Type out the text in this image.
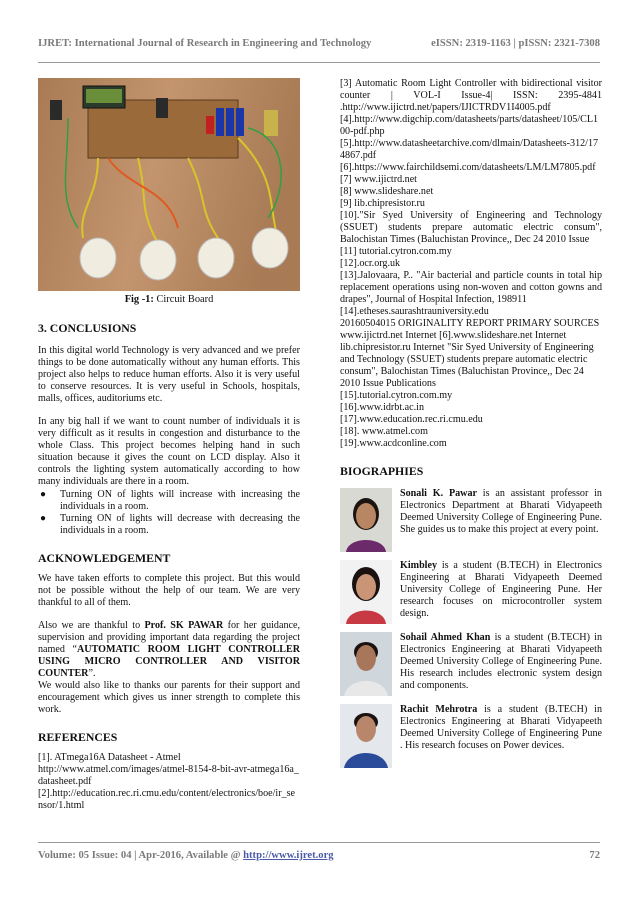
IJRET: International Journal of Research in Engineering and Technology	eISSN: 2319-1163 | pISSN: 2321-7308
Fig -1: Circuit Board
3. CONCLUSIONS

In this digital world Technology is very advanced and we prefer things to be done automatically without any human efforts. This project also helps to reduce human efforts. Also it is very useful to conserve resources. It is very useful in Schools, hospitals, malls, offices, auditoriums etc.

In any big hall if we want to count number of individuals it is very difficult as it results in congestion and disturbance to the whole Class. This project becomes helping hand in such situation because it gives the count on LCD display. Also it controls the lighting system automatically according to how many individuals are there in a room.

● Turning ON of lights will increase with increasing the individuals in a room.
● Turning ON of lights will decrease with decreasing the individuals in a room.
ACKNOWLEDGEMENT

We have taken efforts to complete this project. But this would not be possible without the help of our team. We are very thankful to all of them.

Also we are thankful to Prof. SK PAWAR for her guidance, supervision and providing important data regarding the project named “AUTOMATIC ROOM LIGHT CONTROLLER USING MICRO CONTROLLER AND VISITOR COUNTER”.

We would also like to thanks our parents for their support and encouragement which gives us inner strength to complete this work.

REFERENCES
[1]. ATmega16A Datasheet - Atmel
http://www.atmel.com/images/atmel-8154-8-bit-avr-atmega16a_datasheet.pdf
[2].http://education.rec.ri.cmu.edu/content/electronics/boe/ir_sensor/1.html
[3] Automatic Room Light Controller with bidirectional visitor counter | VOL-I Issue-4| ISSN: 2395-4841 .http://www.ijictrd.net/papers/IJICTRDV1I4005.pdf
[4].http://www.digchip.com/datasheets/parts/datasheet/105/CL100-pdf.php
[5].http://www.datasheetarchive.com/dlmain/Datasheets-312/174867.pdf
[6].https://www.fairchildsemi.com/datasheets/LM/LM7805.pdf
[7] www.ijictrd.net
[8] www.slideshare.net
[9] lib.chipresistor.ru
[10]."Sir Syed University of Engineering and Technology (SSUET) students prepare automatic electric consum", Balochistan Times (Baluchistan Province,, Dec 24 2010 Issue
[11] tutorial.cytron.com.my
[12].ocr.org.uk
[13].Jalovaara, P.. "Air bacterial and particle counts in total hip replacement operations using non-woven and cotton gowns and drapes", Journal of Hospital Infection, 198911
[14].etheses.saurashtrauniversity.edu
20160504015 ORIGINALITY REPORT PRIMARY SOURCES www.ijictrd.net Internet [6].www.slideshare.net Internet lib.chipresistor.ru Internet "Sir Syed University of Engineering and Technology (SSUET) students prepare automatic electric consum", Balochistan Times (Baluchistan Province,, Dec 24 2010 Issue Publications
[15].tutorial.cytron.com.my
[16].www.idrbt.ac.in
[17].www.education.rec.ri.cmu.edu
[18]. www.atmel.com
[19].www.acdconline.com
BIOGRAPHIES
Sonali K. Pawar is an assistant professor in Electronics Department at Bharati Vidyapeeth Deemed University College of Engineering Pune. She guides us to make this project at every point.
Kimbley is a student (B.TECH) in Electronics Engineering at Bharati Vidyapeeth Deemed University College of Engineering Pune. Her research focuses on microcontroller system design.
Sohail Ahmed Khan is a student (B.TECH) in Electronics Engineering at Bharati Vidyapeeth Deemed University College of Engineering Pune. His research includes electronic system design and components.
Rachit Mehrotra is a student (B.TECH) in Electronics Engineering at Bharati Vidyapeeth Deemed University College of Engineering Pune . His research focuses on Power devices.
Volume: 05 Issue: 04 | Apr-2016, Available @ http://www.ijret.org	72
